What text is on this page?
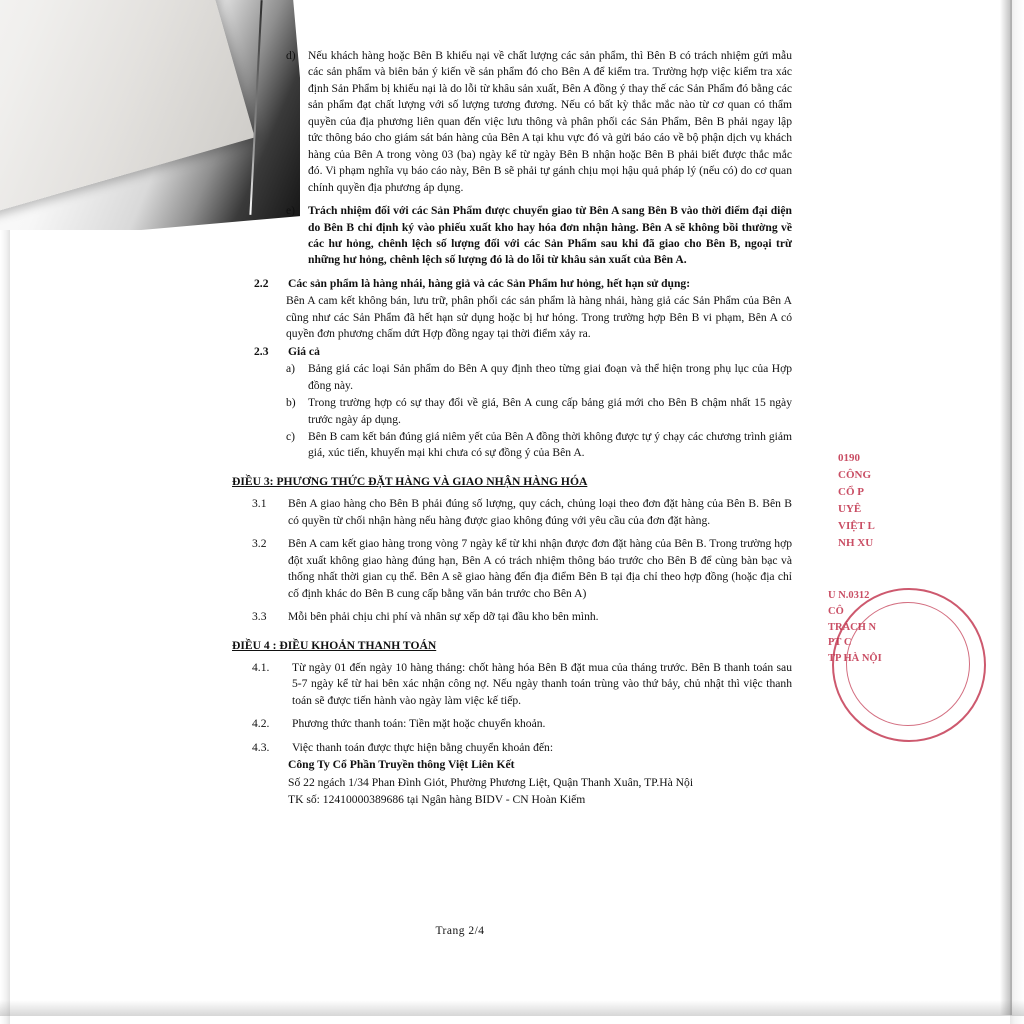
d)	Nếu khách hàng hoặc Bên B khiếu nại về chất lượng các sản phẩm, thì Bên B có trách nhiệm gửi mẫu các sản phẩm và biên bản ý kiến về sản phẩm đó cho Bên A để kiểm tra. Trường hợp việc kiểm tra xác định Sản Phẩm bị khiếu nại là do lỗi từ khâu sản xuất, Bên A đồng ý thay thế các Sản Phẩm đó bằng các sản phẩm đạt chất lượng với số lượng tương đương. Nếu có bất kỳ thắc mắc nào từ cơ quan có thẩm quyền của địa phương liên quan đến việc lưu thông và phân phối các Sản Phẩm, Bên B phải ngay lập tức thông báo cho giám sát bán hàng của Bên A tại khu vực đó và gửi báo cáo về bộ phận dịch vụ khách hàng của Bên A trong vòng 03 (ba) ngày kể từ ngày Bên B nhận hoặc Bên B phải biết được thắc mắc đó. Vi phạm nghĩa vụ báo cáo này, Bên B sẽ phải tự gánh chịu mọi hậu quả pháp lý (nếu có) do cơ quan chính quyền địa phương áp dụng.
e)	Trách nhiệm đối với các Sản Phẩm được chuyển giao từ Bên A sang Bên B vào thời điểm đại diện do Bên B chỉ định ký vào phiếu xuất kho hay hóa đơn nhận hàng. Bên A sẽ không bồi thường về các hư hỏng, chênh lệch số lượng đối với các Sản Phẩm sau khi đã giao cho Bên B, ngoại trừ những hư hỏng, chênh lệch số lượng đó là do lỗi từ khâu sản xuất của Bên A.
2.2	Các sản phẩm là hàng nhái, hàng giả và các Sản Phẩm hư hỏng, hết hạn sử dụng:

Bên A cam kết không bán, lưu trữ, phân phối các sản phẩm là hàng nhái, hàng giả các Sản Phẩm của Bên A cũng như các Sản Phẩm đã hết hạn sử dụng hoặc bị hư hỏng. Trong trường hợp Bên B vi phạm, Bên A có quyền đơn phương chấm dứt Hợp đồng ngay tại thời điểm xảy ra.

2.3	Giá cả
a)	Bảng giá các loại Sản phẩm do Bên A quy định theo từng giai đoạn và thể hiện trong phụ lục của Hợp đồng này.
b)	Trong trường hợp có sự thay đổi về giá, Bên A cung cấp bảng giá mới cho Bên B chậm nhất 15 ngày trước ngày áp dụng.
c)	Bên B cam kết bán đúng giá niêm yết của Bên A đồng thời không được tự ý chạy các chương trình giảm giá, xúc tiến, khuyến mại khi chưa có sự đồng ý của Bên A.
ĐIỀU 3: PHƯƠNG THỨC ĐẶT HÀNG VÀ GIAO NHẬN HÀNG HÓA
3.1	Bên A giao hàng cho Bên B phải đúng số lượng, quy cách, chủng loại theo đơn đặt hàng của Bên B. Bên B có quyền từ chối nhận hàng nếu hàng được giao không đúng với yêu cầu của đơn đặt hàng.
3.2	Bên A cam kết giao hàng trong vòng 7 ngày kể từ khi nhận được đơn đặt hàng của Bên B. Trong trường hợp đột xuất không giao hàng đúng hạn, Bên A có trách nhiệm thông báo trước cho Bên B để cùng bàn bạc và thống nhất thời gian cụ thể. Bên A sẽ giao hàng đến địa điểm Bên B tại địa chỉ theo hợp đồng (hoặc địa chỉ cố định khác do Bên B cung cấp bằng văn bản trước cho Bên A)
3.3	Mỗi bên phải chịu chi phí và nhân sự xếp dỡ tại đầu kho bên mình.
ĐIỀU 4 : ĐIỀU KHOẢN THANH TOÁN
4.1.	Từ ngày 01 đến ngày 10 hàng tháng: chốt hàng hóa Bên B đặt mua của tháng trước. Bên B thanh toán sau 5-7 ngày kể từ hai bên xác nhận công nợ. Nếu ngày thanh toán trùng vào thứ bảy, chủ nhật thì việc thanh toán sẽ được tiến hành vào ngày làm việc kế tiếp.
4.2.	Phương thức thanh toán: Tiền mặt hoặc chuyển khoản.
4.3.	Việc thanh toán được thực hiện bằng chuyển khoản đến:

Công Ty Cổ Phần Truyền thông Việt Liên Kết

Số 22 ngách 1/34 Phan Đình Giót, Phường Phương Liệt, Quận Thanh Xuân, TP.Hà Nội

TK số: 12410000389686 tại Ngân hàng BIDV - CN Hoàn Kiếm

Trang 2/4
0190
CÔNG
CỔ P
UYÊ
VIỆT L
NH XU
U N.0312
CÔ
TRÁCH N
PT C
TP HÀ NỘI
